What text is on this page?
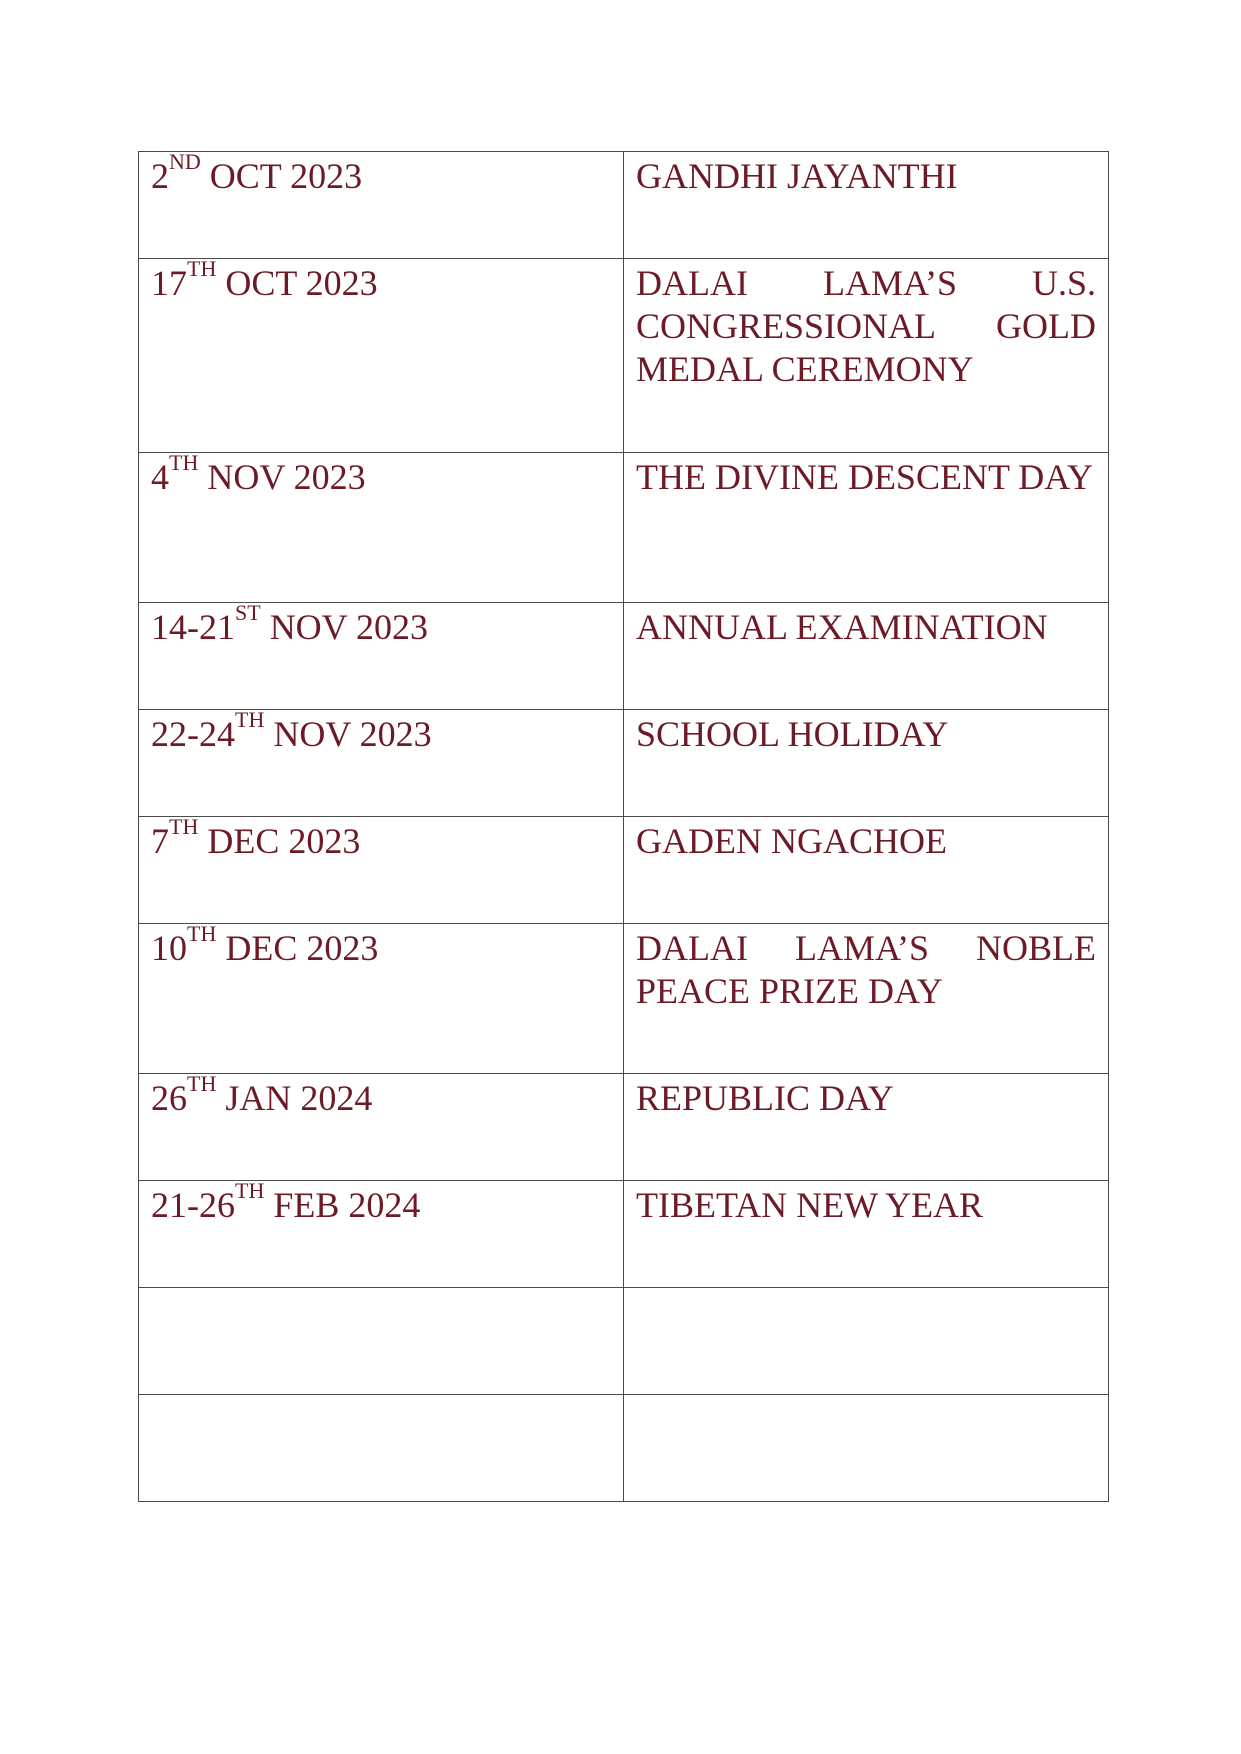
2ND OCT 2023	GANDHI JAYANTHI
17TH OCT 2023	DALAI LAMA’S U.S. CONGRESSIONAL GOLD MEDAL CEREMONY
4TH NOV 2023	THE DIVINE DESCENT DAY
14-21ST NOV 2023	ANNUAL EXAMINATION
22-24TH NOV 2023	SCHOOL HOLIDAY
7TH DEC 2023	GADEN NGACHOE
10TH DEC 2023	DALAI LAMA’S NOBLE PEACE PRIZE DAY
26TH JAN 2024	REPUBLIC DAY
21-26TH FEB 2024	TIBETAN NEW YEAR
